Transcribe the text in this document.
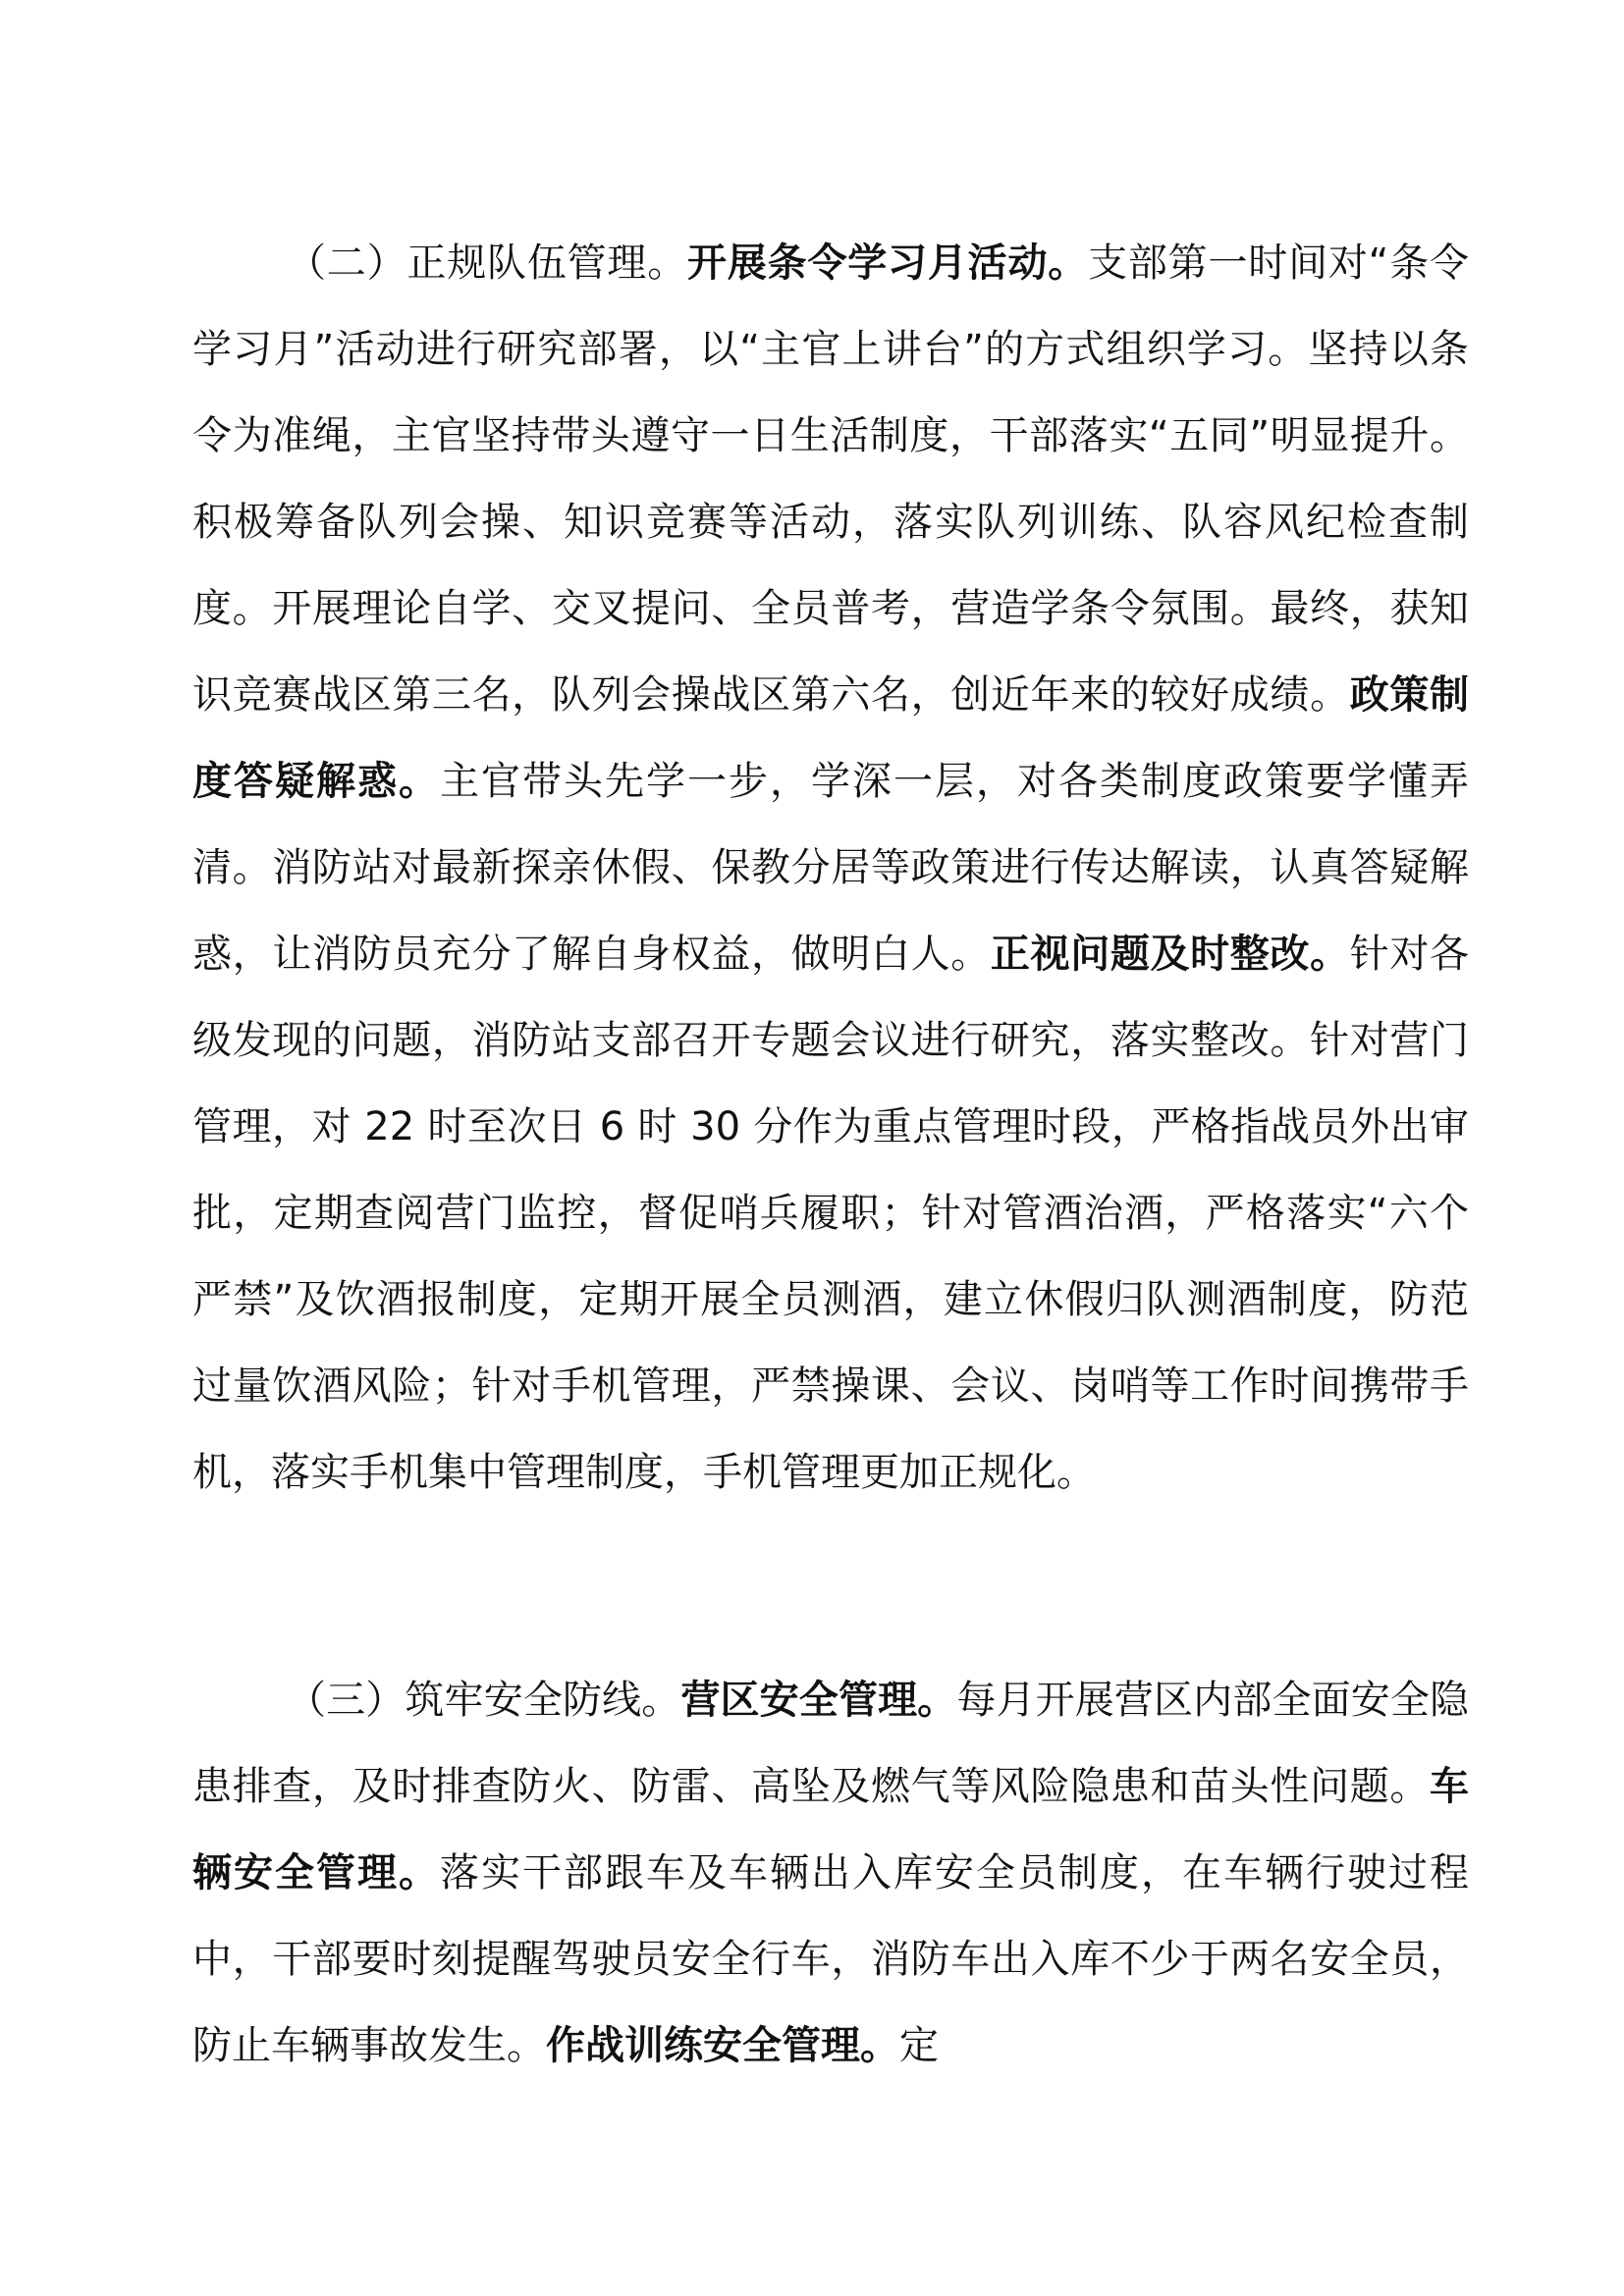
（二）正规队伍管理。开展条令学习月活动。支部第一时间对“条令学习月”活动进行研究部署，以“主官上讲台”的方式组织学习。坚持以条令为准绳，主官坚持带头遵守一日生活制度，干部落实“五同”明显提升。积极筹备队列会操、知识竞赛等活动，落实队列训练、队容风纪检查制度。开展理论自学、交叉提问、全员普考，营造学条令氛围。最终，获知识竞赛战区第三名，队列会操战区第六名，创近年来的较好成绩。政策制度答疑解惑。主官带头先学一步，学深一层，对各类制度政策要学懂弄清。消防站对最新探亲休假、保教分居等政策进行传达解读，认真答疑解惑，让消防员充分了解自身权益，做明白人。正视问题及时整改。针对各级发现的问题，消防站支部召开专题会议进行研究，落实整改。针对营门管理，对 22 时至次日 6 时 30 分作为重点管理时段，严格指战员外出审批，定期查阅营门监控，督促哨兵履职；针对管酒治酒，严格落实“六个严禁”及饮酒报制度，定期开展全员测酒，建立休假归队测酒制度，防范过量饮酒风险；针对手机管理，严禁操课、会议、岗哨等工作时间携带手机，落实手机集中管理制度，手机管理更加正规化。

（三）筑牢安全防线。营区安全管理。每月开展营区内部全面安全隐患排查，及时排查防火、防雷、高坠及燃气等风险隐患和苗头性问题。车辆安全管理。落实干部跟车及车辆出入库安全员制度，在车辆行驶过程中，干部要时刻提醒驾驶员安全行车，消防车出入库不少于两名安全员，防止车辆事故发生。作战训练安全管理。定
